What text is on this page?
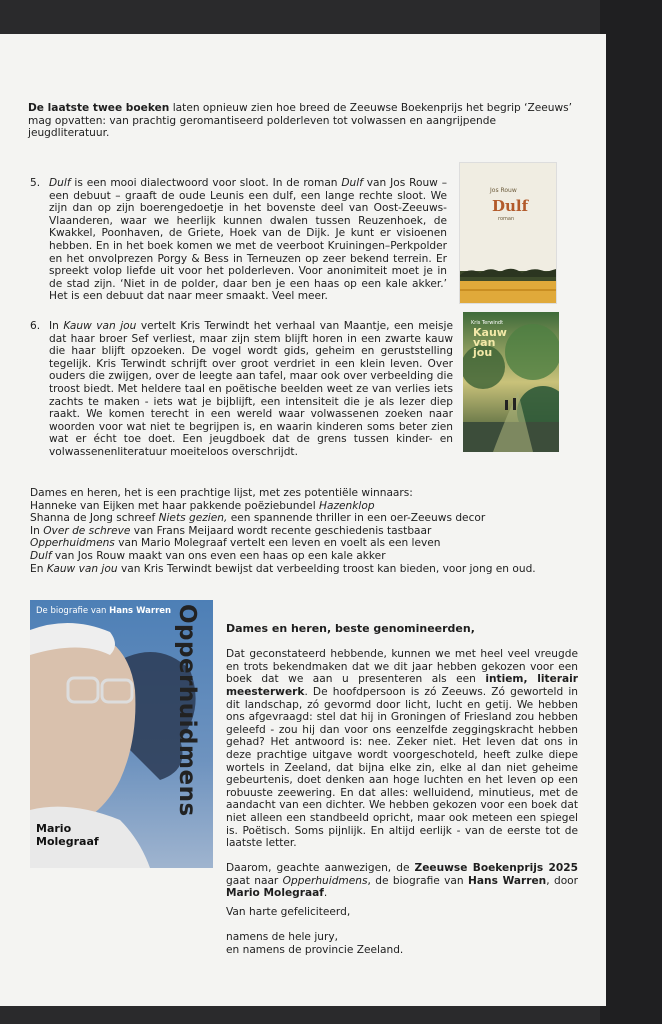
De laatste twee boeken laten opnieuw zien hoe breed de Zeeuwse Boekenprijs het begrip ‘Zeeuws’ mag opvatten: van prachtig geromantiseerd polderleven tot volwassen en aangrijpende jeugdliteratuur.
5. Dulf is een mooi dialectwoord voor sloot. In de roman Dulf van Jos Rouw – een debuut – graaft de oude Leunis een dulf, een lange rechte sloot. We zijn dan op zijn boerengedoetje in het bovenste deel van Oost-Zeeuws-Vlaanderen, waar we heerlijk kunnen dwalen tussen Reuzenhoek, de Kwakkel, Poonhaven, de Griete, Hoek van de Dijk. Je kunt er visioenen hebben. En in het boek komen we met de veerboot Kruiningen–Perkpolder en het onvolprezen Porgy & Bess in Terneuzen op zeer bekend terrein. Er spreekt volop liefde uit voor het polderleven. Voor anonimiteit moet je in de stad zijn. ‘Niet in de polder, daar ben je een haas op een kale akker.’ Het is een debuut dat naar meer smaakt. Veel meer.
Jos Rouw
Dulf
roman
6. In Kauw van jou vertelt Kris Terwindt het verhaal van Maantje, een meisje dat haar broer Sef verliest, maar zijn stem blijft horen in een zwarte kauw die haar blijft opzoeken. De vogel wordt gids, geheim en geruststelling tegelijk. Kris Terwindt schrijft over groot verdriet in een klein leven. Over ouders die zwijgen, over de leegte aan tafel, maar ook over verbeelding die troost biedt. Met heldere taal en poëtische beelden weet ze van verlies iets zachts te maken - iets wat je bijblijft, een intensiteit die je als lezer diep raakt. We komen terecht in een wereld waar volwassenen zoeken naar woorden voor wat niet te begrijpen is, en waarin kinderen soms beter zien wat er écht toe doet. Een jeugdboek dat de grens tussen kinder- en volwassenenliteratuur moeiteloos overschrijdt.
Kris Terwindt
Kauw van jou
Dames en heren, het is een prachtige lijst, met zes potentiële winnaars:
Hanneke van Eijken met haar pakkende poëziebundel Hazenklop
Shanna de Jong schreef Niets gezien, een spannende thriller in een oer-Zeeuws decor
In Over de schreve van Frans Meijaard wordt recente geschiedenis tastbaar
Opperhuidmens van Mario Molegraaf vertelt een leven en voelt als een leven
Dulf van Jos Rouw maakt van ons even een haas op een kale akker
En Kauw van jou van Kris Terwindt bewijst dat verbeelding troost kan bieden, voor jong en oud.
De biografie van Hans Warren Opperhuidmens
Mario
Molegraaf
Dames en heren, beste genomineerden,

Dat geconstateerd hebbende, kunnen we met heel veel vreugde en trots bekendmaken dat we dit jaar hebben gekozen voor een boek dat we aan u presenteren als een intiem, literair meesterwerk. De hoofdpersoon is zó Zeeuws. Zó geworteld in dit landschap, zó gevormd door licht, lucht en getij. We hebben ons afgevraagd: stel dat hij in Groningen of Friesland zou hebben geleefd - zou hij dan voor ons eenzelfde zeggingskracht hebben gehad? Het antwoord is: nee. Zeker niet. Het leven dat ons in deze prachtige uitgave wordt voorgeschoteld, heeft zulke diepe wortels in Zeeland, dat bijna elke zin, elke al dan niet geheime gebeurtenis, doet denken aan hoge luchten en het leven op een robuuste zeewering. En dat alles: welluidend, minutieus, met de aandacht van een dichter. We hebben gekozen voor een boek dat niet alleen een standbeeld opricht, maar ook meteen een spiegel is. Poëtisch. Soms pijnlijk. En altijd eerlijk - van de eerste tot de laatste letter.

Daarom, geachte aanwezigen, de Zeeuwse Boekenprijs 2025 gaat naar Opperhuidmens, de biografie van Hans Warren, door Mario Molegraaf.

Van harte gefeliciteerd,
namens de hele jury,
en namens de provincie Zeeland.
